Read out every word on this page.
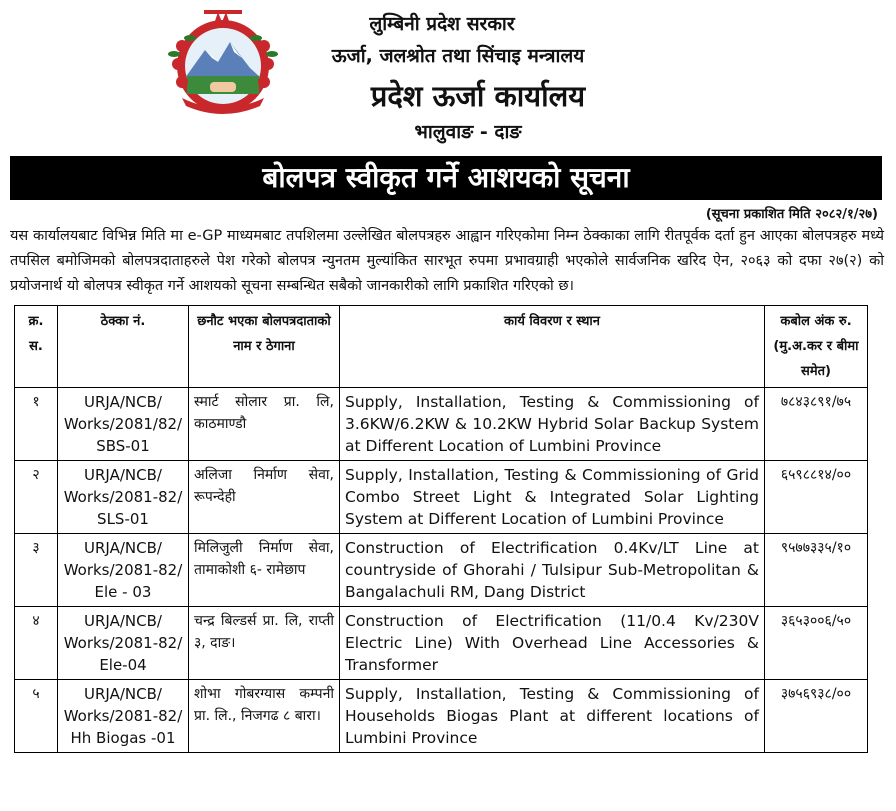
लुम्बिनी प्रदेश सरकार
ऊर्जा, जलश्रोत तथा सिंचाइ मन्त्रालय
प्रदेश ऊर्जा कार्यालय
भालुवाङ - दाङ
बोलपत्र स्वीकृत गर्ने आशयको सूचना
(सूचना प्रकाशित मिति २०८२/१/२७)
यस कार्यालयबाट विभिन्न मिति मा e-GP माध्यमबाट तपशिलमा उल्लेखित बोलपत्रहरु आह्वान गरिएकोमा निम्न ठेक्काका लागि रीतपूर्वक दर्ता हुन आएका बोलपत्रहरु मध्ये तपसिल बमोजिमको बोलपत्रदाताहरुले पेश गरेको बोलपत्र न्युनतम मुल्यांकित सारभूत रुपमा प्रभावग्राही भएकोले सार्वजनिक खरिद ऐन, २०६३ को दफा २७(२) को प्रयोजनार्थ यो बोलपत्र स्वीकृत गर्ने आशयको सूचना सम्बन्धित सबैको जानकारीको लागि प्रकाशित गरिएको छ।
क्र. स.	ठेक्का नं.	छनौट भएका बोलपत्रदाताको नाम र ठेगाना	कार्य विवरण र स्थान	कबोल अंक रु. (मु.अ.कर र बीमा समेत)
१	URJA/NCB/ Works/2081/82/ SBS-01	स्मार्ट सोलार प्रा. लि, काठमाण्डौ	Supply, Installation, Testing & Commissioning of 3.6KW/6.2KW & 10.2KW Hybrid Solar Backup System at Different Location of Lumbini Province	७८४३८९१/७५
२	URJA/NCB/ Works/2081-82/ SLS-01	अलिजा निर्माण सेवा, रूपन्देही	Supply, Installation, Testing & Commissioning of Grid Combo Street Light & Integrated Solar Lighting System at Different Location of Lumbini Province	६५९८८१४/००
३	URJA/NCB/ Works/2081-82/ Ele - 03	मिलिजुली निर्माण सेवा, तामाकोशी ६- रामेछाप	Construction of Electrification 0.4Kv/LT Line at countryside of Ghorahi / Tulsipur Sub-Metropolitan & Bangalachuli RM, Dang District	९५७७३३५/१०
४	URJA/NCB/ Works/2081-82/ Ele-04	चन्द्र बिल्डर्स प्रा. लि, राप्ती ३, दाङ।	Construction of Electrification (11/0.4 Kv/230V Electric Line) With Overhead Line Accessories & Transformer	३६५३००६/५०
५	URJA/NCB/ Works/2081-82/ Hh Biogas -01	शोभा गोबरग्यास कम्पनी प्रा. लि., निजगढ ८ बारा।	Supply, Installation, Testing & Commissioning of Households Biogas Plant at different locations of Lumbini Province	३७५६९३८/००
